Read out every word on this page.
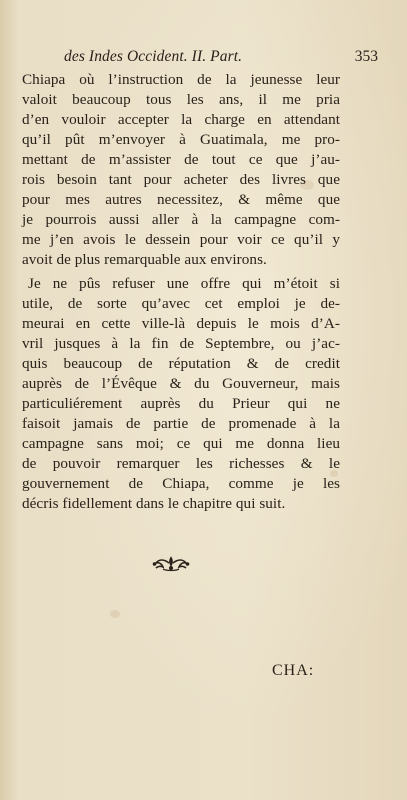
des Indes Occident. II. Part.	353
Chiapa où l’instruction de la jeunesse leur
valoit beaucoup tous les ans, il me pria
d’en vouloir accepter la charge en attendant
qu’il pût m’envoyer à Guatimala, me pro-
mettant de m’assister de tout ce que j’au-
rois besoin tant pour acheter des livres que
pour mes autres necessitez, & même que
je pourrois aussi aller à la campagne com-
me j’en avois le dessein pour voir ce qu’il y
avoit de plus remarquable aux environs.
Je ne pûs refuser une offre qui m’étoit si
utile, de sorte qu’avec cet emploi je de-
meurai en cette ville-là depuis le mois d’A-
vril jusques à la fin de Septembre, ou j’ac-
quis beaucoup de réputation & de credit
auprès de l’Évêque & du Gouverneur, mais
particuliérement auprès du Prieur qui ne
faisoit jamais de partie de promenade à la
campagne sans moi; ce qui me donna lieu
de pouvoir remarquer les richesses & le
gouvernement de Chiapa, comme je les
décris fidellement dans le chapitre qui suit.
CHA:
